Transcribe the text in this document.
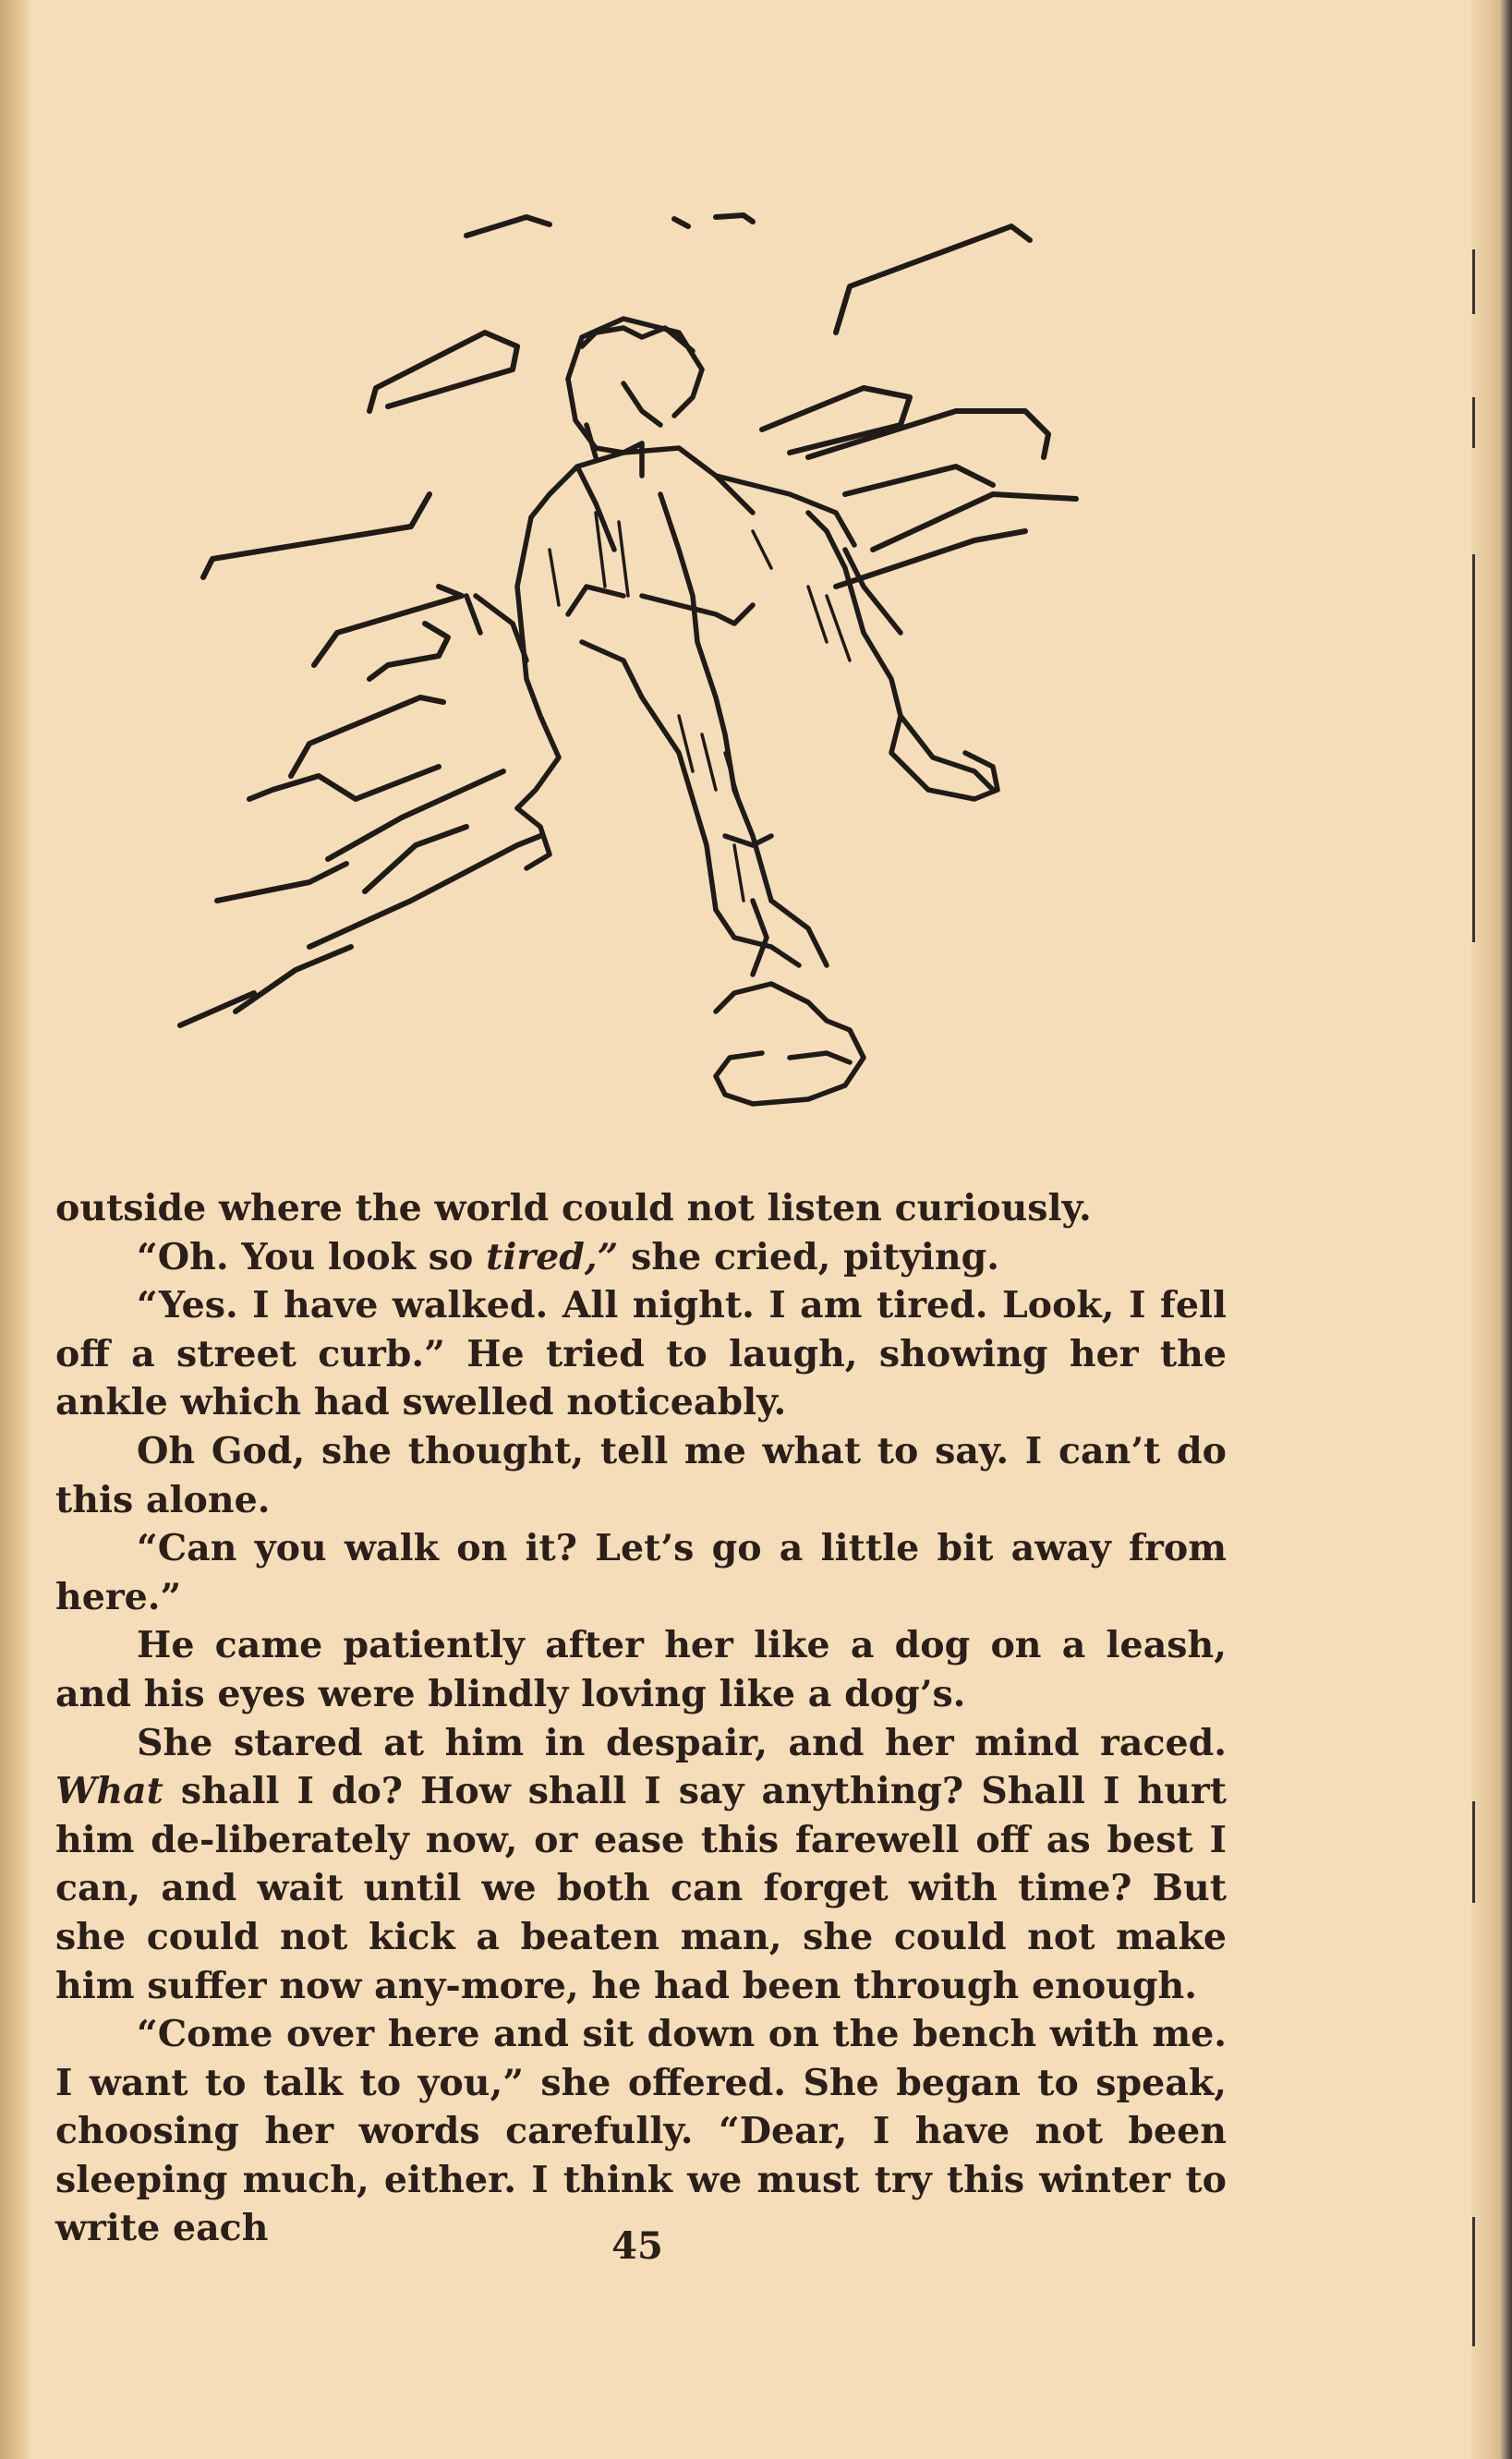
outside where the world could not listen curiously.

“Oh. You look so tired,” she cried, pitying.

“Yes. I have walked. All night. I am tired. Look, I fell off a street curb.” He tried to laugh, showing her the ankle which had swelled noticeably.

Oh God, she thought, tell me what to say. I can’t do this alone.

“Can you walk on it? Let’s go a little bit away from here.”

He came patiently after her like a dog on a leash, and his eyes were blindly loving like a dog’s.

She stared at him in despair, and her mind raced. What shall I do? How shall I say anything? Shall I hurt him de-liberately now, or ease this farewell off as best I can, and wait until we both can forget with time? But she could not kick a beaten man, she could not make him suffer now any-more, he had been through enough.

“Come over here and sit down on the bench with me. I want to talk to you,” she offered. She began to speak, choosing her words carefully. “Dear, I have not been sleeping much, either. I think we must try this winter to write each	45
